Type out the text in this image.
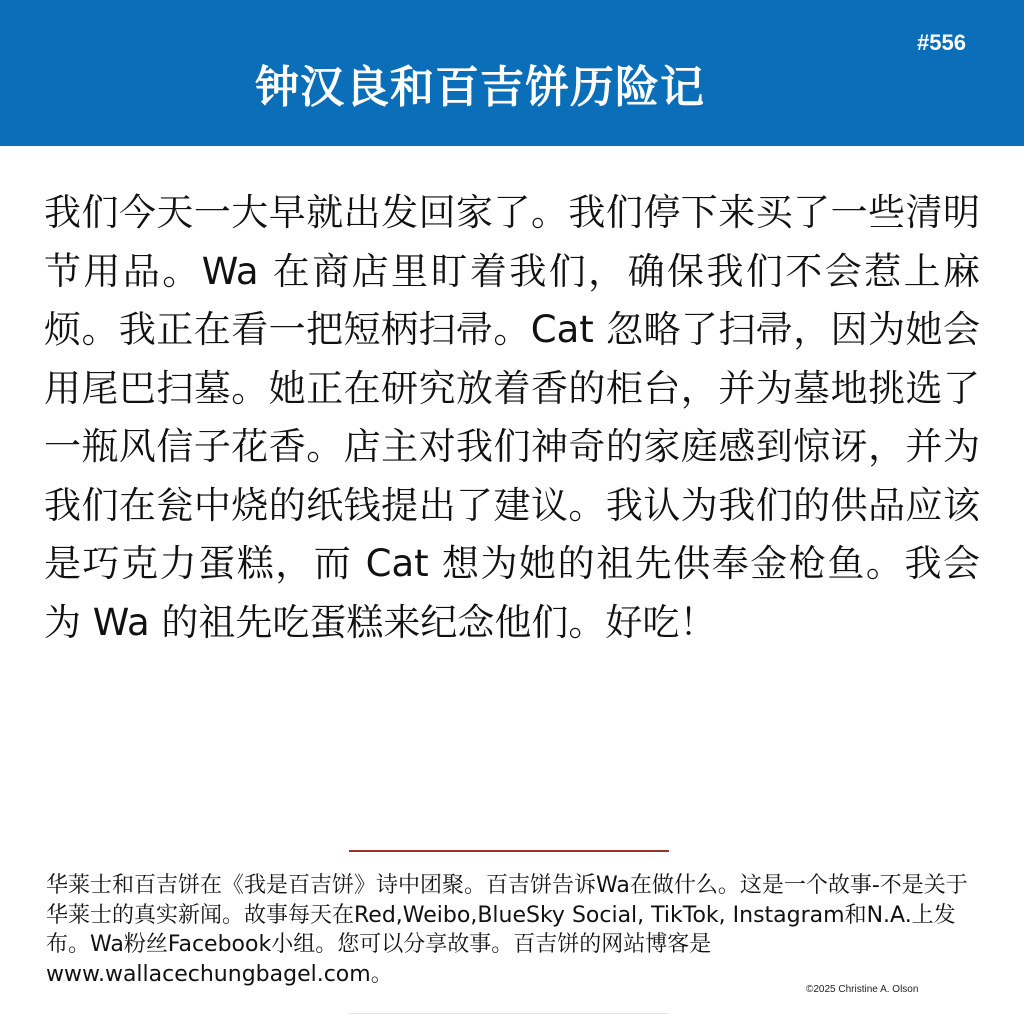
#556
钟汉良和百吉饼历险记

我们今天一大早就出发回家了。我们停下来买了一些清明节用品。Wa 在商店里盯着我们，确保我们不会惹上麻烦。我正在看一把短柄扫帚。Cat 忽略了扫帚，因为她会用尾巴扫墓。她正在研究放着香的柜台，并为墓地挑选了一瓶风信子花香。店主对我们神奇的家庭感到惊讶，并为我们在瓮中烧的纸钱提出了建议。我认为我们的供品应该是巧克力蛋糕，而 Cat 想为她的祖先供奉金枪鱼。我会为 Wa 的祖先吃蛋糕来纪念他们。好吃！

华莱士和百吉饼在《我是百吉饼》诗中团聚。百吉饼告诉Wa在做什么。这是一个故事-不是关于华莱士的真实新闻。故事每天在Red,Weibo,BlueSky Social, TikTok, Instagram和N.A.上发布。Wa粉丝Facebook小组。您可以分享故事。百吉饼的网站博客是www.wallacechungbagel.com。

©2025 Christine A. Olson
